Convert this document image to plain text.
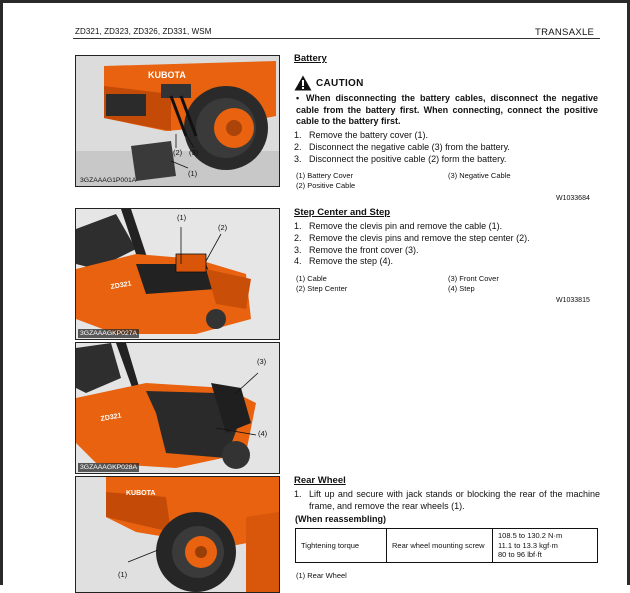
ZD321, ZD323, ZD326, ZD331, WSM	TRANSAXLE
KUBOTA
(2) (3)
(1)
3GZAAAG1P001A
ZD321
(1)
(2)
3GZAAAGKP027A
ZD321
(3)
(4)
3GZAAAGKP028A
KUBOTA
(1)
Battery
CAUTION
• When disconnecting the battery cables, disconnect the negative cable from the battery first. When connecting, connect the positive cable to the battery first.
1. Remove the battery cover (1).
2. Disconnect the negative cable (3) from the battery.
3. Disconnect the positive cable (2) form the battery.
(1) Battery Cover
(2) Positive Cable
(3) Negative Cable
W1033684
Step Center and Step
1. Remove the clevis pin and remove the cable (1).
2. Remove the clevis pins and remove the step center (2).
3. Remove the front cover (3).
4. Remove the step (4).
(1) Cable
(2) Step Center
(3) Front Cover
(4) Step
W1033815
Rear Wheel
1. Lift up and secure with jack stands or blocking the rear of the machine frame, and remove the rear wheels (1).
(When reassembling)
Tightening torque	Rear wheel mounting screw	
108.5 to 130.2 N·m
11.1 to 13.3 kgf·m
80 to 96 lbf·ft
(1) Rear Wheel
